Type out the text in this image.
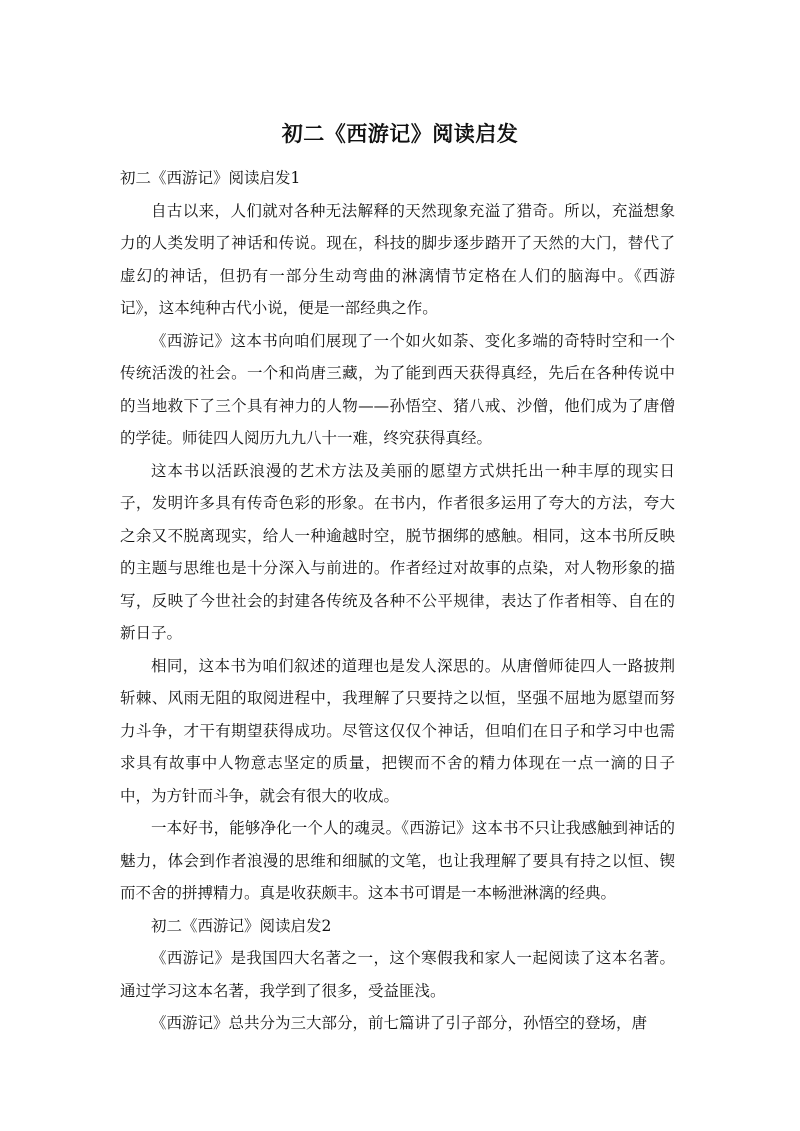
初二《西游记》阅读启发

初二《西游记》阅读启发1

自古以来，人们就对各种无法解释的天然现象充溢了猎奇。所以，充溢想象力的人类发明了神话和传说。现在，科技的脚步逐步踏开了天然的大门，替代了虚幻的神话，但扔有一部分生动弯曲的淋漓情节定格在人们的脑海中。《西游记》，这本纯种古代小说，便是一部经典之作。

《西游记》这本书向咱们展现了一个如火如荼、变化多端的奇特时空和一个传统活泼的社会。一个和尚唐三藏，为了能到西天获得真经，先后在各种传说中的当地救下了三个具有神力的人物——孙悟空、猪八戒、沙僧，他们成为了唐僧的学徒。师徒四人阅历九九八十一难，终究获得真经。

这本书以活跃浪漫的艺术方法及美丽的愿望方式烘托出一种丰厚的现实日子，发明许多具有传奇色彩的形象。在书内，作者很多运用了夸大的方法，夸大之余又不脱离现实，给人一种逾越时空，脱节捆绑的感触。相同，这本书所反映的主题与思维也是十分深入与前进的。作者经过对故事的点染，对人物形象的描写，反映了今世社会的封建各传统及各种不公平规律，表达了作者相等、自在的新日子。

相同，这本书为咱们叙述的道理也是发人深思的。从唐僧师徒四人一路披荆斩棘、风雨无阻的取阅进程中，我理解了只要持之以恒，坚强不屈地为愿望而努力斗争，才干有期望获得成功。尽管这仅仅个神话，但咱们在日子和学习中也需求具有故事中人物意志坚定的质量，把锲而不舍的精力体现在一点一滴的日子中，为方针而斗争，就会有很大的收成。

一本好书，能够净化一个人的魂灵。《西游记》这本书不只让我感触到神话的魅力，体会到作者浪漫的思维和细腻的文笔，也让我理解了要具有持之以恒、锲而不舍的拼搏精力。真是收获颇丰。这本书可谓是一本畅泄淋漓的经典。

初二《西游记》阅读启发2

《西游记》是我国四大名著之一，这个寒假我和家人一起阅读了这本名著。通过学习这本名著，我学到了很多，受益匪浅。

《西游记》总共分为三大部分，前七篇讲了引子部分，孙悟空的登场，唐
